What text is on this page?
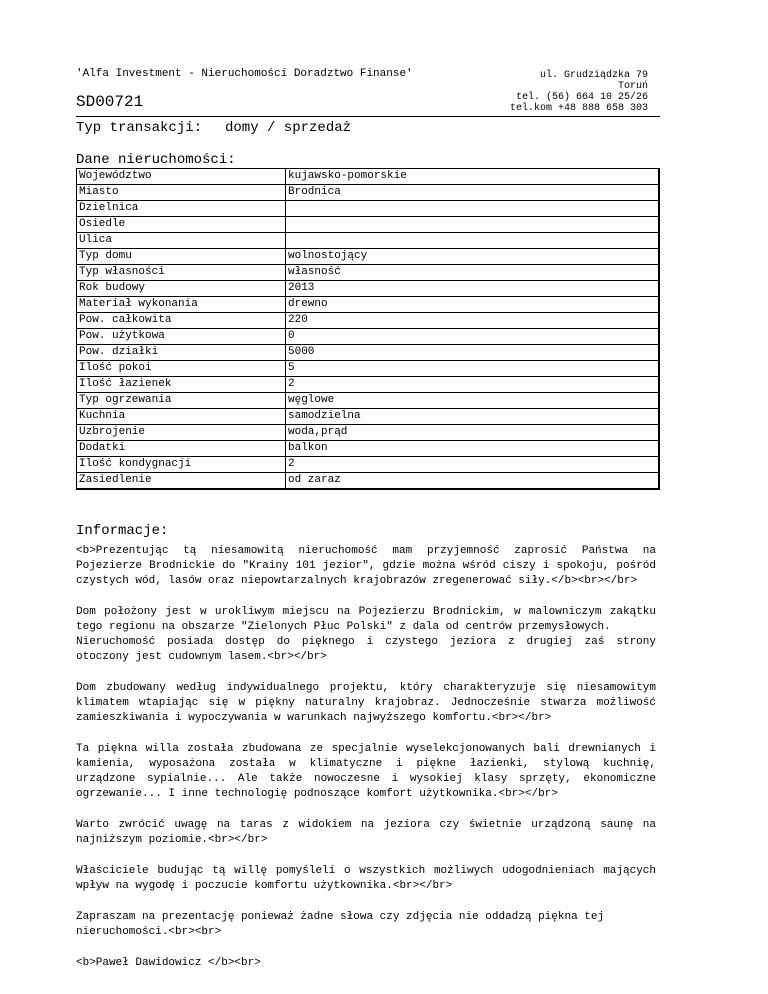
'Alfa Investment - Nieruchomości Doradztwo Finanse'	ul. Grudziądzka 79
Toruń
tel. (56) 664 10 25/26
tel.kom +48 888 658 303
SD00721
Typ transakcji: domy / sprzedaż
Dane nieruchomości:
Województwo	kujawsko-pomorskie
Miasto	Brodnica
Dzielnica	
Osiedle	
Ulica	
Typ domu	wolnostojący
Typ własności	własność
Rok budowy	2013
Materiał wykonania	drewno
Pow. całkowita	220
Pow. użytkowa	0
Pow. działki	5000
Ilość pokoi	5
Ilość łazienek	2
Typ ogrzewania	węglowe
Kuchnia	samodzielna
Uzbrojenie	woda,prąd
Dodatki	balkon
Ilość kondygnacji	2
Zasiedlenie	od zaraz
Informacje:

<b>Prezentując tą niesamowitą nieruchomość mam przyjemność zaprosić Państwa na Pojezierze Brodnickie do "Krainy 101 jezior", gdzie można wśród ciszy i spokoju, pośród czystych wód, lasów oraz niepowtarzalnych krajobrazów zregenerować siły.</b><br></br>

Dom położony jest w urokliwym miejscu na Pojezierzu Brodnickim, w malowniczym zakątku tego regionu na obszarze "Zielonych Płuc Polski" z dala od centrów przemysłowych.
Nieruchomość posiada dostęp do pięknego i czystego jeziora z drugiej zaś strony otoczony jest cudownym lasem.<br></br>

Dom zbudowany według indywidualnego projektu, który charakteryzuje się niesamowitym klimatem wtapiając się w piękny naturalny krajobraz. Jednocześnie stwarza możliwość zamieszkiwania i wypoczywania w warunkach najwyższego komfortu.<br></br>

Ta piękna willa została zbudowana ze specjalnie wyselekcjonowanych bali drewnianych i kamienia, wyposażona została w klimatyczne i piękne łazienki, stylową kuchnię, urządzone sypialnie... Ale także nowoczesne i wysokiej klasy sprzęty, ekonomiczne ogrzewanie... I inne technologię podnoszące komfort użytkownika.<br></br>

Warto zwrócić uwagę na taras z widokiem na jeziora czy świetnie urządzoną saunę na najniższym poziomie.<br></br>

Właściciele budując tą willę pomyśleli o wszystkich możliwych udogodnieniach mających wpływ na wygodę i poczucie komfortu użytkownika.<br></br>

Zapraszam na prezentację ponieważ żadne słowa czy zdjęcia nie oddadzą piękna tej nieruchomości.<br><br>

<b>Paweł Dawidowicz </b><br>
